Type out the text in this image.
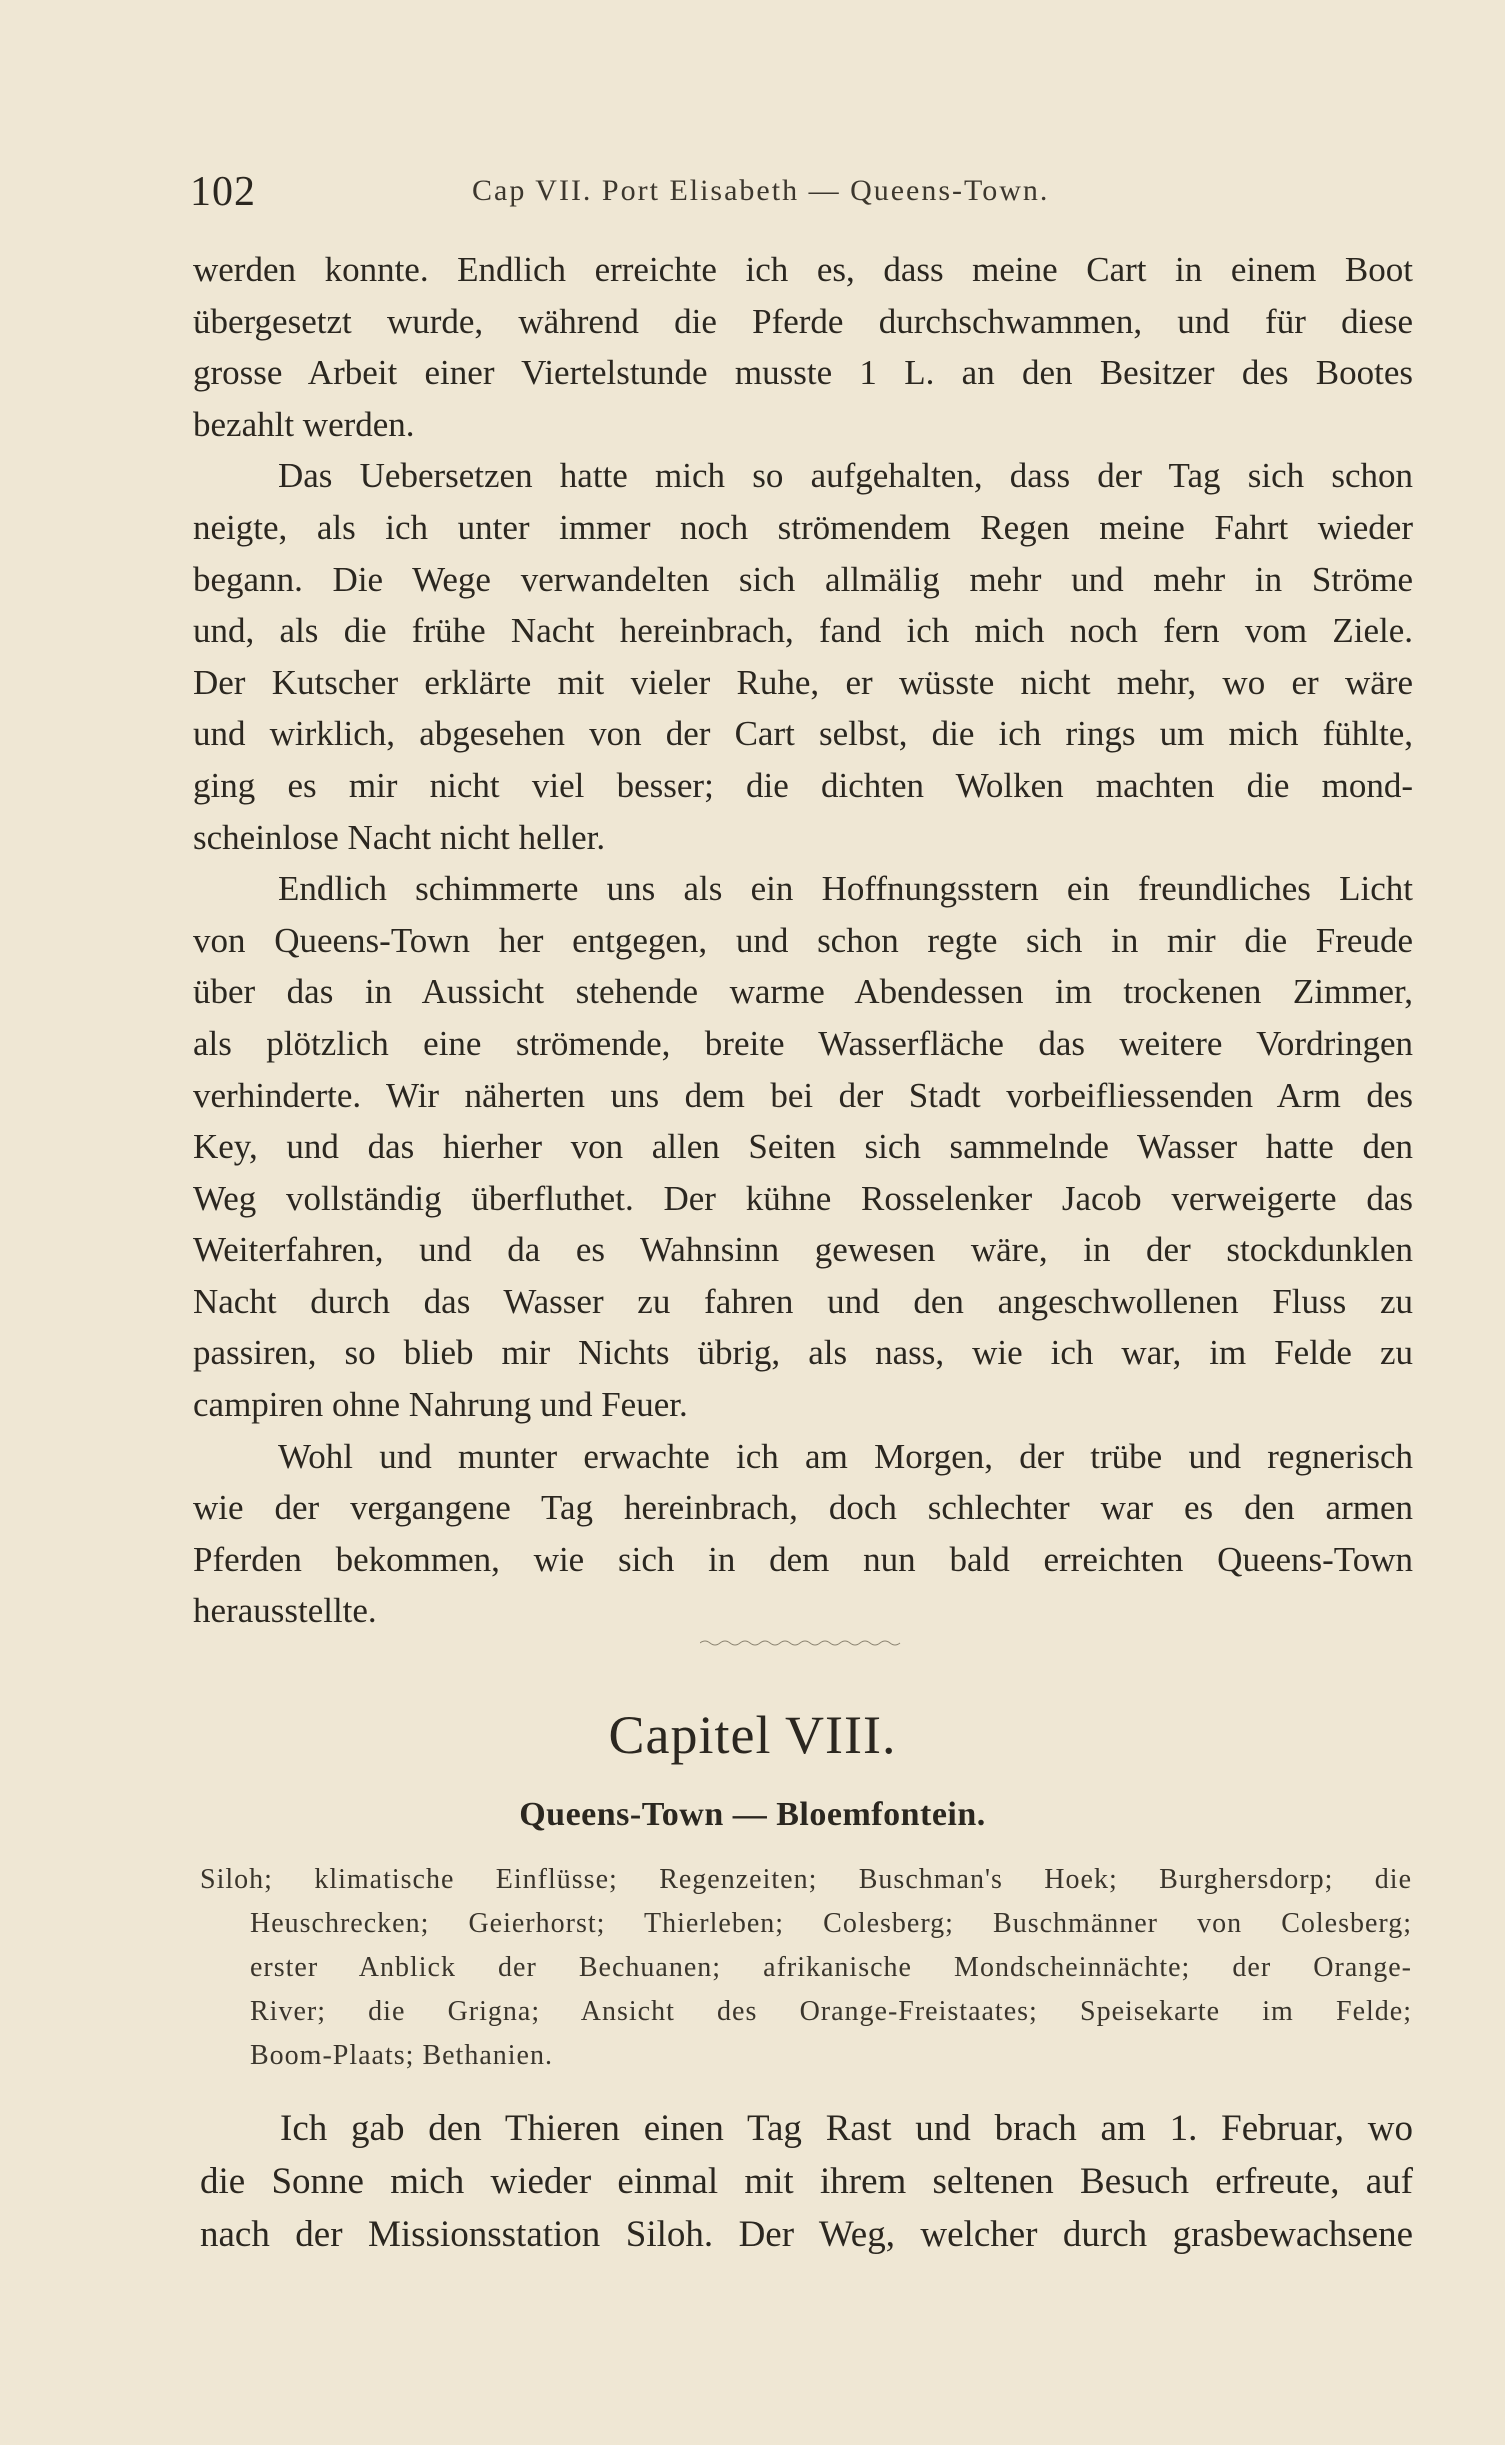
102	Cap VII. Port Elisabeth — Queens-Town.

werden konnte. Endlich erreichte ich es, dass meine Cart in einem Boot
übergesetzt wurde, während die Pferde durchschwammen, und für diese
grosse Arbeit einer Viertelstunde musste 1 L. an den Besitzer des Bootes
bezahlt werden.

Das Uebersetzen hatte mich so aufgehalten, dass der Tag sich schon
neigte, als ich unter immer noch strömendem Regen meine Fahrt wieder
begann. Die Wege verwandelten sich allmälig mehr und mehr in Ströme
und, als die frühe Nacht hereinbrach, fand ich mich noch fern vom Ziele.
Der Kutscher erklärte mit vieler Ruhe, er wüsste nicht mehr, wo er wäre
und wirklich, abgesehen von der Cart selbst, die ich rings um mich fühlte,
ging es mir nicht viel besser; die dichten Wolken machten die mond-
scheinlose Nacht nicht heller.

Endlich schimmerte uns als ein Hoffnungsstern ein freundliches Licht
von Queens-Town her entgegen, und schon regte sich in mir die Freude
über das in Aussicht stehende warme Abendessen im trockenen Zimmer,
als plötzlich eine strömende, breite Wasserfläche das weitere Vordringen
verhinderte. Wir näherten uns dem bei der Stadt vorbeifliessenden Arm des
Key, und das hierher von allen Seiten sich sammelnde Wasser hatte den
Weg vollständig überfluthet. Der kühne Rosselenker Jacob verweigerte das
Weiterfahren, und da es Wahnsinn gewesen wäre, in der stockdunklen
Nacht durch das Wasser zu fahren und den angeschwollenen Fluss zu
passiren, so blieb mir Nichts übrig, als nass, wie ich war, im Felde zu
campiren ohne Nahrung und Feuer.

Wohl und munter erwachte ich am Morgen, der trübe und regnerisch
wie der vergangene Tag hereinbrach, doch schlechter war es den armen
Pferden bekommen, wie sich in dem nun bald erreichten Queens-Town
herausstellte.

Capitel VIII.
Queens-Town — Bloemfontein.
Siloh; klimatische Einflüsse; Regenzeiten; Buschman's Hoek; Burghersdorp; die
Heuschrecken; Geierhorst; Thierleben; Colesberg; Buschmänner von Colesberg;
erster Anblick der Bechuanen; afrikanische Mondscheinnächte; der Orange-
River; die Grigna; Ansicht des Orange-Freistaates; Speisekarte im Felde;
Boom-Plaats; Bethanien.
Ich gab den Thieren einen Tag Rast und brach am 1. Februar, wo
die Sonne mich wieder einmal mit ihrem seltenen Besuch erfreute, auf
nach der Missionsstation Siloh. Der Weg, welcher durch grasbewachsene
